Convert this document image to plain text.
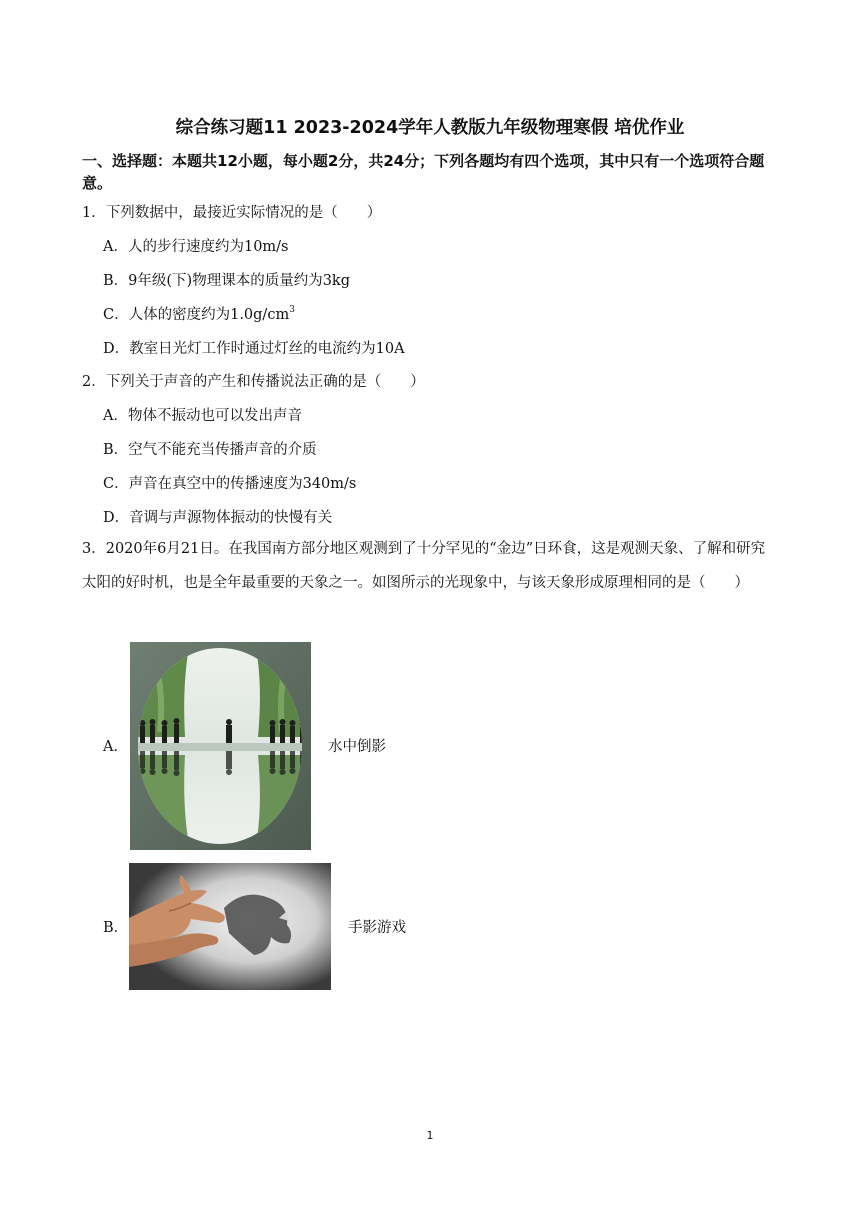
综合练习题11 2023-2024学年人教版九年级物理寒假 培优作业
一、选择题：本题共12小题，每小题2分，共24分；下列各题均有四个选项，其中只有一个选项符合题意。
1．下列数据中，最接近实际情况的是（　　）
A．人的步行速度约为10m/s
B．9年级(下)物理课本的质量约为3kg
C．人体的密度约为$1.0g/cm^3$
D．教室日光灯工作时通过灯丝的电流约为10A
2．下列关于声音的产生和传播说法正确的是（　　）
A．物体不振动也可以发出声音
B．空气不能充当传播声音的介质
C．声音在真空中的传播速度为340m/s
D．音调与声源物体振动的快慢有关
3．2020年6月21日。在我国南方部分地区观测到了十分罕见的“金边”日环食，这是观测天象、了解和研究太阳的好时机，也是全年最重要的天象之一。如图所示的光现象中，与该天象形成原理相同的是（　　）
A．	水中倒影
B．	手影游戏
1
